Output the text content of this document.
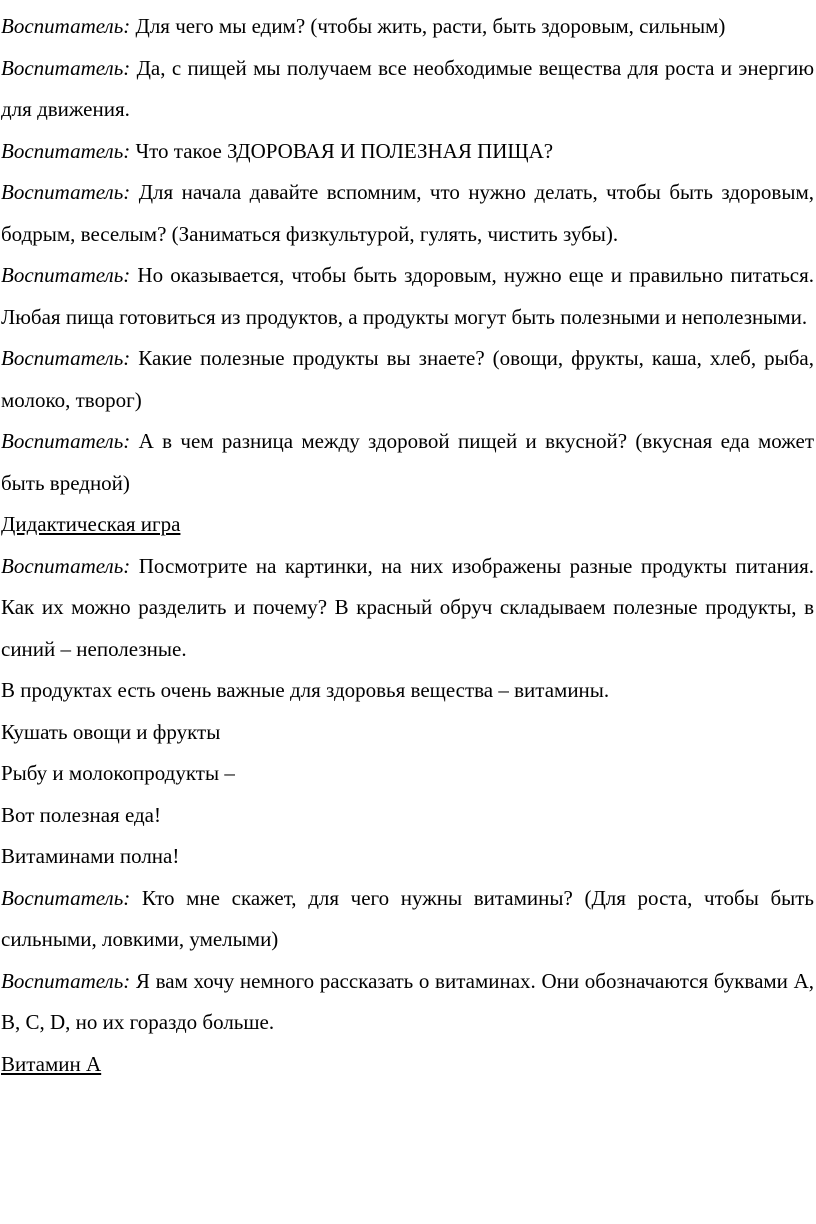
Воспитатель: Для чего мы едим? (чтобы жить, расти, быть здоровым, сильным)

Воспитатель: Да, с пищей мы получаем все необходимые вещества для роста и энергию для движения.

Воспитатель: Что такое ЗДОРОВАЯ И ПОЛЕЗНАЯ ПИЩА?

Воспитатель: Для начала давайте вспомним, что нужно делать, чтобы быть здоровым, бодрым, веселым? (Заниматься физкультурой, гулять, чистить зубы).

Воспитатель: Но оказывается, чтобы быть здоровым, нужно еще и правильно питаться. Любая пища готовиться из продуктов, а продукты могут быть полезными и неполезными.

Воспитатель: Какие полезные продукты вы знаете? (овощи, фрукты, каша, хлеб, рыба, молоко, творог)

Воспитатель: А в чем разница между здоровой пищей и вкусной? (вкусная еда может быть вредной)

Дидактическая игра

Воспитатель: Посмотрите на картинки, на них изображены разные продукты питания. Как их можно разделить и почему? В красный обруч складываем полезные продукты, в синий – неполезные.

В продуктах есть очень важные для здоровья вещества – витамины.

Кушать овощи и фрукты

Рыбу и молокопродукты –

Вот полезная еда!

Витаминами полна!

Воспитатель: Кто мне скажет, для чего нужны витамины? (Для роста, чтобы быть сильными, ловкими, умелыми)

Воспитатель: Я вам хочу немного рассказать о витаминах. Они обозначаются буквами А, В, С, D, но их гораздо больше.

Витамин А
